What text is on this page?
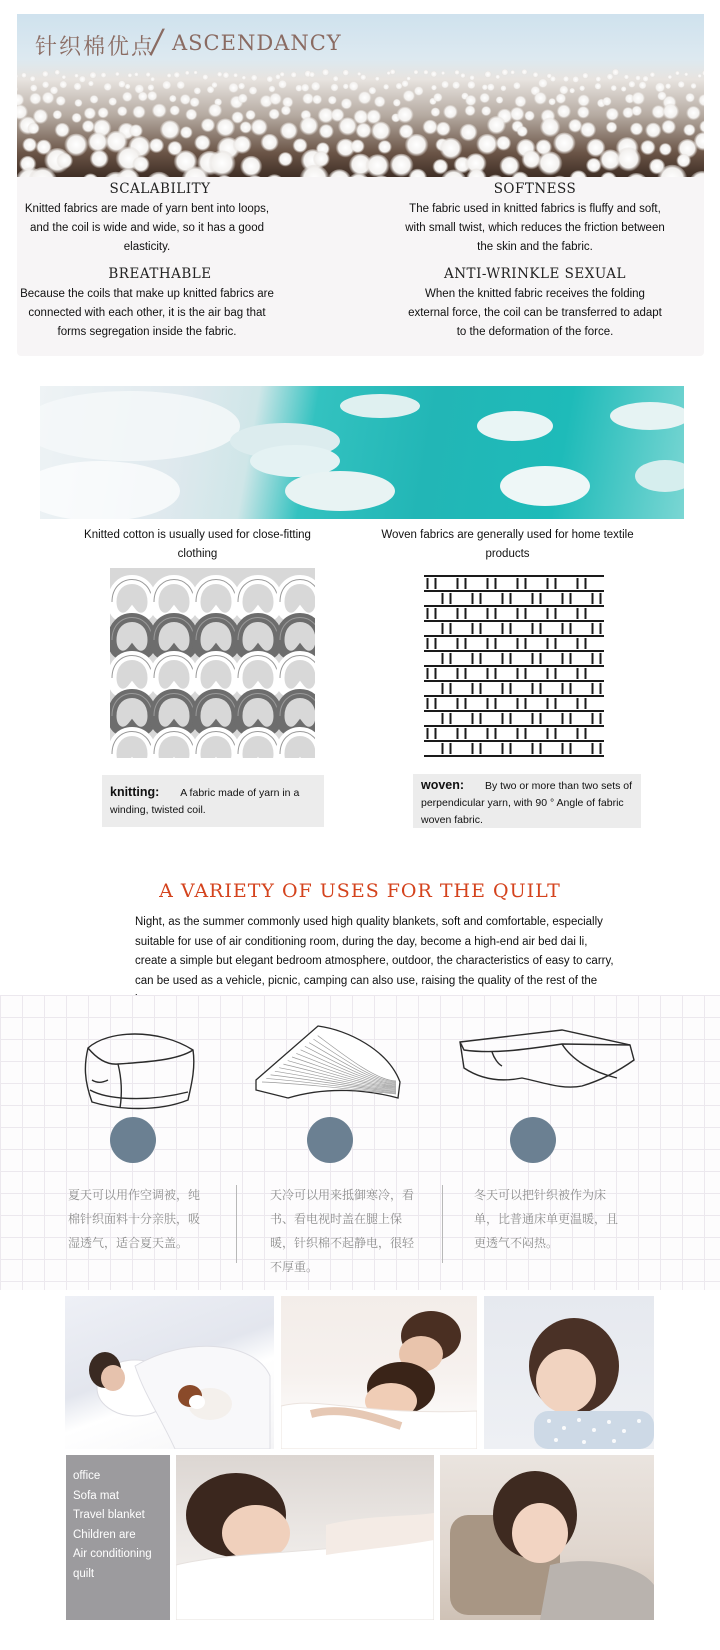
针织棉优点
/ ASCENDANCY
SCALABILITY
Knitted fabrics are made of yarn bent into loops, and the coil is wide and wide, so it has a good elasticity.
SOFTNESS
The fabric used in knitted fabrics is fluffy and soft, with small twist, which reduces the friction between the skin and the fabric.
BREATHABLE
Because the coils that make up knitted fabrics are connected with each other, it is the air bag that forms segregation inside the fabric.
ANTI-WRINKLE SEXUAL
When the knitted fabric receives the folding external force, the coil can be transferred to adapt to the deformation of the force.
Knitted cotton is usually used for close-fitting clothing
Woven fabrics are generally used for home textile products
knitting: A fabric made of yarn in a winding, twisted coil.
woven: By two or more than two sets of perpendicular yarn, with 90 ° Angle of fabric woven fabric.
A VARIETY OF USES FOR THE QUILT
Night, as the summer commonly used high quality blankets, soft and comfortable, especially suitable for use of air conditioning room, during the day, become a high-end air bed dai li, create a simple but elegant bedroom atmosphere, outdoor, the characteristics of easy to carry, can be used as a vehicle, picnic, camping can also use, raising the quality of the rest of the
夏天可以用作空调被，纯棉针织面料十分亲肤，吸湿透气，适合夏天盖。
天冷可以用来抵御寒冷，看书、看电视时盖在腿上保暖，针织棉不起静电，很轻不厚重。
冬天可以把针织被作为床单，比普通床单更温暖，且更透气不闷热。
office
Sofa mat
Travel blanket
Children are
Air conditioning
quilt
